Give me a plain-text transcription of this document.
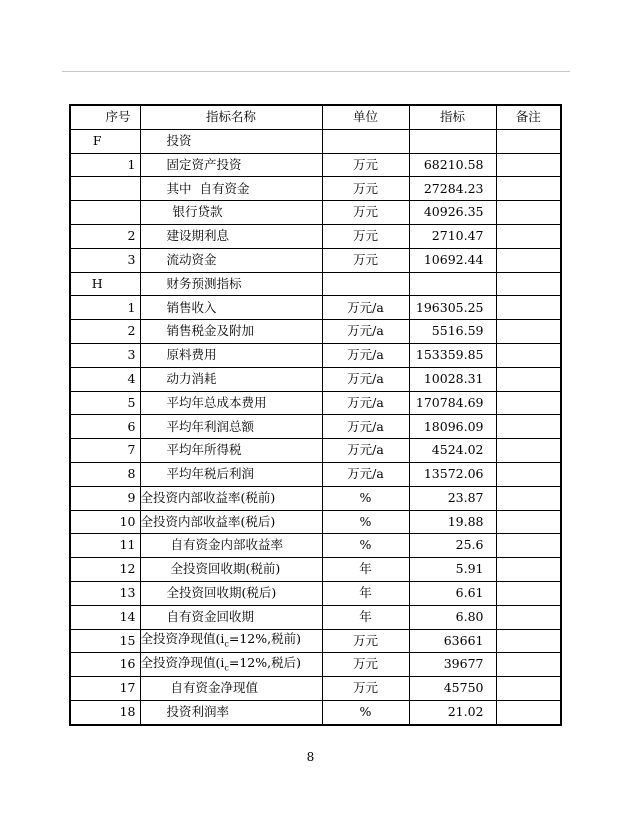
序号	指标名称	单位	指标	备注
F	投资			
1	固定资产投资	万元	68210.58	
	其中  自有资金	万元	27284.23	
	银行贷款	万元	40926.35	
2	建设期利息	万元	2710.47	
3	流动资金	万元	10692.44	
H	财务预测指标			
1	销售收入	万元/a	196305.25	
2	销售税金及附加	万元/a	5516.59	
3	原料费用	万元/a	153359.85	
4	动力消耗	万元/a	10028.31	
5	平均年总成本费用	万元/a	170784.69	
6	平均年利润总额	万元/a	18096.09	
7	平均年所得税	万元/a	4524.02	
8	平均年税后利润	万元/a	13572.06	
9	全投资内部收益率(税前)	%	23.87	
10	全投资内部收益率(税后)	%	19.88	
11	自有资金内部收益率	%	25.6	
12	全投资回收期(税前)	年	5.91	
13	全投资回收期(税后)	年	6.61	
14	自有资金回收期	年	6.80	
15	全投资净现值($i_c=12\%$,税前)	万元	63661	
16	全投资净现值($i_c=12\%$,税后)	万元	39677	
17	自有资金净现值	万元	45750	
18	投资利润率	%	21.02	
8
